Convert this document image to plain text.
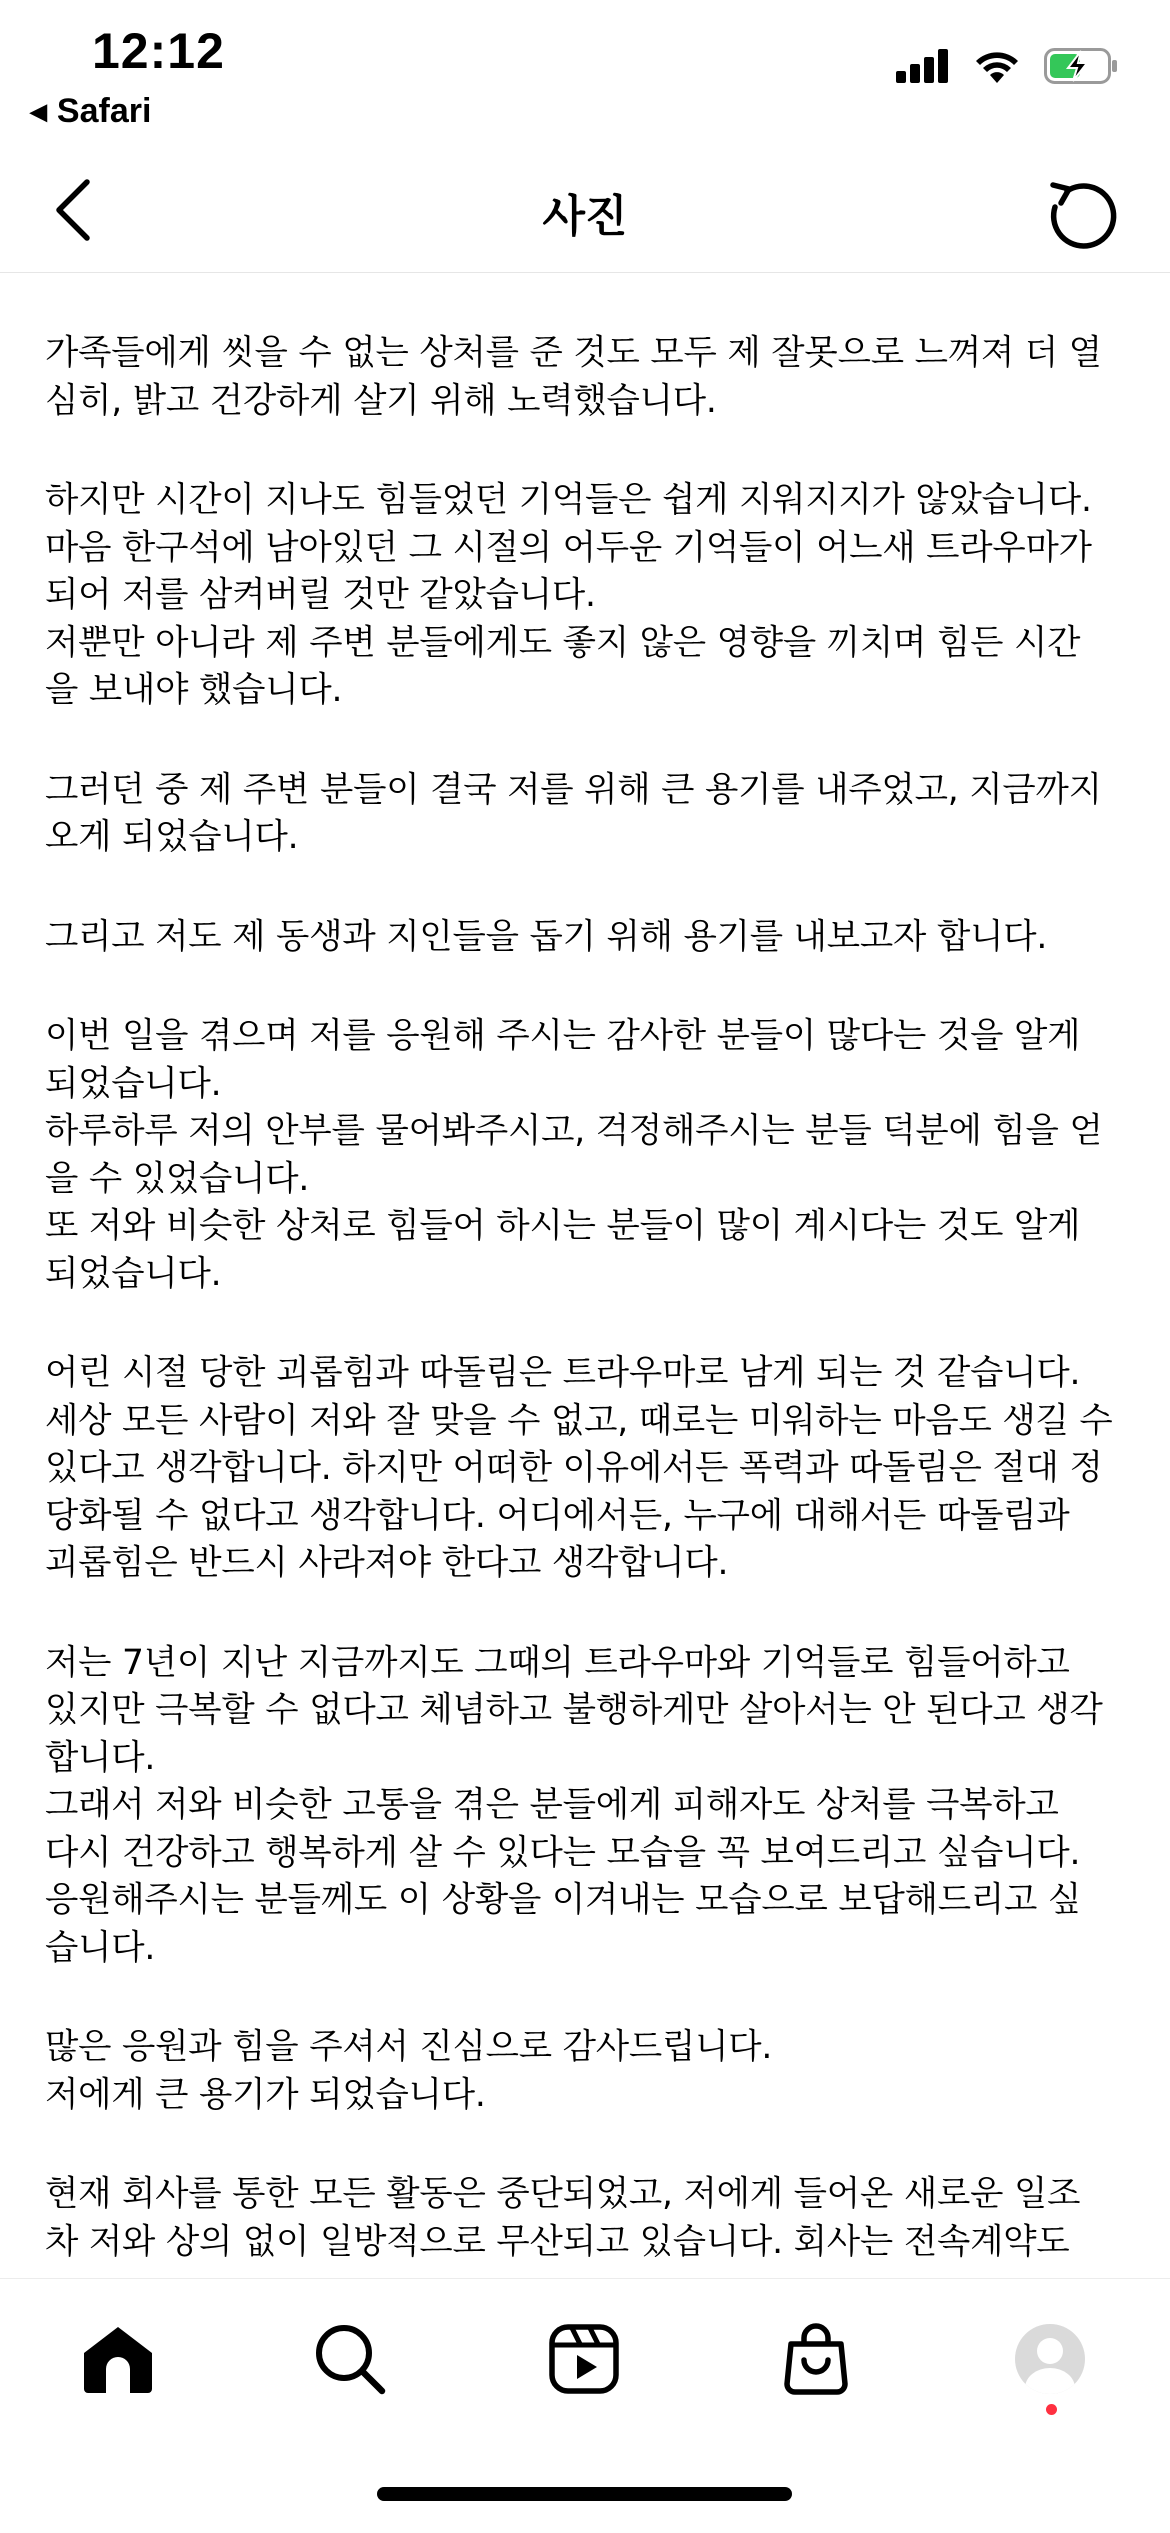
12:12
◀ Safari
사진
가족들에게 씻을 수 없는 상처를 준 것도 모두 제 잘못으로 느껴져 더 열
심히, 밝고 건강하게 살기 위해 노력했습니다.
하지만 시간이 지나도 힘들었던 기억들은 쉽게 지워지지가 않았습니다.
마음 한구석에 남아있던 그 시절의 어두운 기억들이 어느새 트라우마가
되어 저를 삼켜버릴 것만 같았습니다.
저뿐만 아니라 제 주변 분들에게도 좋지 않은 영향을 끼치며 힘든 시간
을 보내야 했습니다.
그러던 중 제 주변 분들이 결국 저를 위해 큰 용기를 내주었고, 지금까지
오게 되었습니다.
그리고 저도 제 동생과 지인들을 돕기 위해 용기를 내보고자 합니다.
이번 일을 겪으며 저를 응원해 주시는 감사한 분들이 많다는 것을 알게
되었습니다.
하루하루 저의 안부를 물어봐주시고, 걱정해주시는 분들 덕분에 힘을 얻
을 수 있었습니다.
또 저와 비슷한 상처로 힘들어 하시는 분들이 많이 계시다는 것도 알게
되었습니다.
어린 시절 당한 괴롭힘과 따돌림은 트라우마로 남게 되는 것 같습니다.
세상 모든 사람이 저와 잘 맞을 수 없고, 때로는 미워하는 마음도 생길 수
있다고 생각합니다. 하지만 어떠한 이유에서든 폭력과 따돌림은 절대 정
당화될 수 없다고 생각합니다. 어디에서든, 누구에 대해서든 따돌림과
괴롭힘은 반드시 사라져야 한다고 생각합니다.
저는 7년이 지난 지금까지도 그때의 트라우마와 기억들로 힘들어하고
있지만 극복할 수 없다고 체념하고 불행하게만 살아서는 안 된다고 생각
합니다.
그래서 저와 비슷한 고통을 겪은 분들에게 피해자도 상처를 극복하고
다시 건강하고 행복하게 살 수 있다는 모습을 꼭 보여드리고 싶습니다.
응원해주시는 분들께도 이 상황을 이겨내는 모습으로 보답해드리고 싶
습니다.
많은 응원과 힘을 주셔서 진심으로 감사드립니다.
저에게 큰 용기가 되었습니다.
현재 회사를 통한 모든 활동은 중단되었고, 저에게 들어온 새로운 일조
차 저와 상의 없이 일방적으로 무산되고 있습니다. 회사는 전속계약도
